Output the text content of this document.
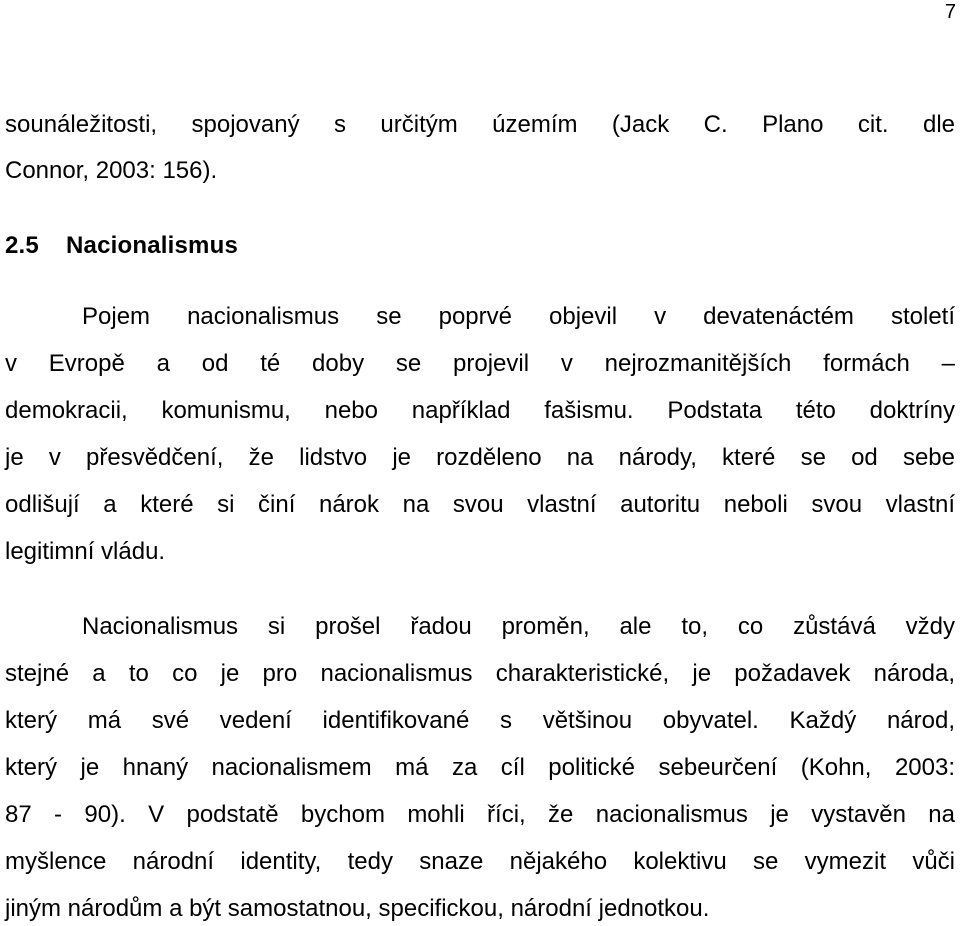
7
sounáležitosti, spojovaný s určitým územím (Jack C. Plano cit. dle
Connor, 2003: 156).
2.5 Nacionalismus
Pojem nacionalismus se poprvé objevil v devatenáctém století
v Evropě a od té doby se projevil v nejrozmanitějších formách –
demokracii, komunismu, nebo například fašismu. Podstata této doktríny
je v přesvědčení, že lidstvo je rozděleno na národy, které se od sebe
odlišují a které si činí nárok na svou vlastní autoritu neboli svou vlastní
legitimní vládu.
Nacionalismus si prošel řadou proměn, ale to, co zůstává vždy
stejné a to co je pro nacionalismus charakteristické, je požadavek národa,
který má své vedení identifikované s většinou obyvatel. Každý národ,
který je hnaný nacionalismem má za cíl politické sebeurčení (Kohn, 2003:
87 - 90). V podstatě bychom mohli říci, že nacionalismus je vystavěn na
myšlence národní identity, tedy snaze nějakého kolektivu se vymezit vůči
jiným národům a být samostatnou, specifickou, národní jednotkou.
